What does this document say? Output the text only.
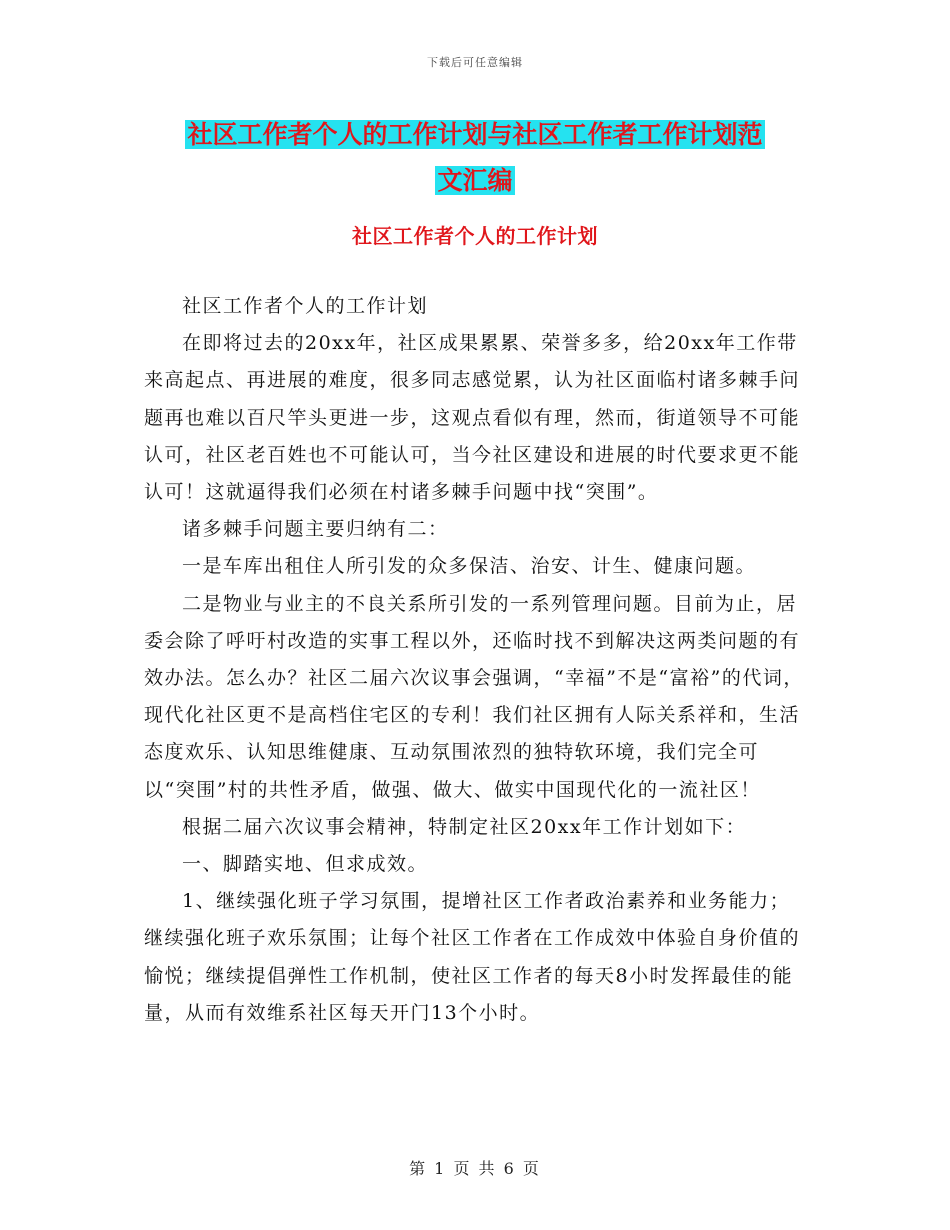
下载后可任意编辑
社区工作者个人的工作计划与社区工作者工作计划范
文汇编
社区工作者个人的工作计划

社区工作者个人的工作计划

在即将过去的20xx年，社区成果累累、荣誉多多，给20xx年工作带来高起点、再进展的难度，很多同志感觉累，认为社区面临村诸多棘手问题再也难以百尺竿头更进一步，这观点看似有理，然而，街道领导不可能认可，社区老百姓也不可能认可，当今社区建设和进展的时代要求更不能认可！这就逼得我们必须在村诸多棘手问题中找“突围”。

诸多棘手问题主要归纳有二：

一是车库出租住人所引发的众多保洁、治安、计生、健康问题。

二是物业与业主的不良关系所引发的一系列管理问题。目前为止，居委会除了呼吁村改造的实事工程以外，还临时找不到解决这两类问题的有效办法。怎么办？社区二届六次议事会强调，“幸福”不是“富裕”的代词，现代化社区更不是高档住宅区的专利！我们社区拥有人际关系祥和，生活态度欢乐、认知思维健康、互动氛围浓烈的独特软环境，我们完全可以“突围”村的共性矛盾，做强、做大、做实中国现代化的一流社区！

根据二届六次议事会精神，特制定社区20xx年工作计划如下：

一、脚踏实地、但求成效。

1、继续强化班子学习氛围，提增社区工作者政治素养和业务能力；继续强化班子欢乐氛围；让每个社区工作者在工作成效中体验自身价值的愉悦；继续提倡弹性工作机制，使社区工作者的每天8小时发挥最佳的能量，从而有效维系社区每天开门13个小时。

第 1 页 共 6 页
